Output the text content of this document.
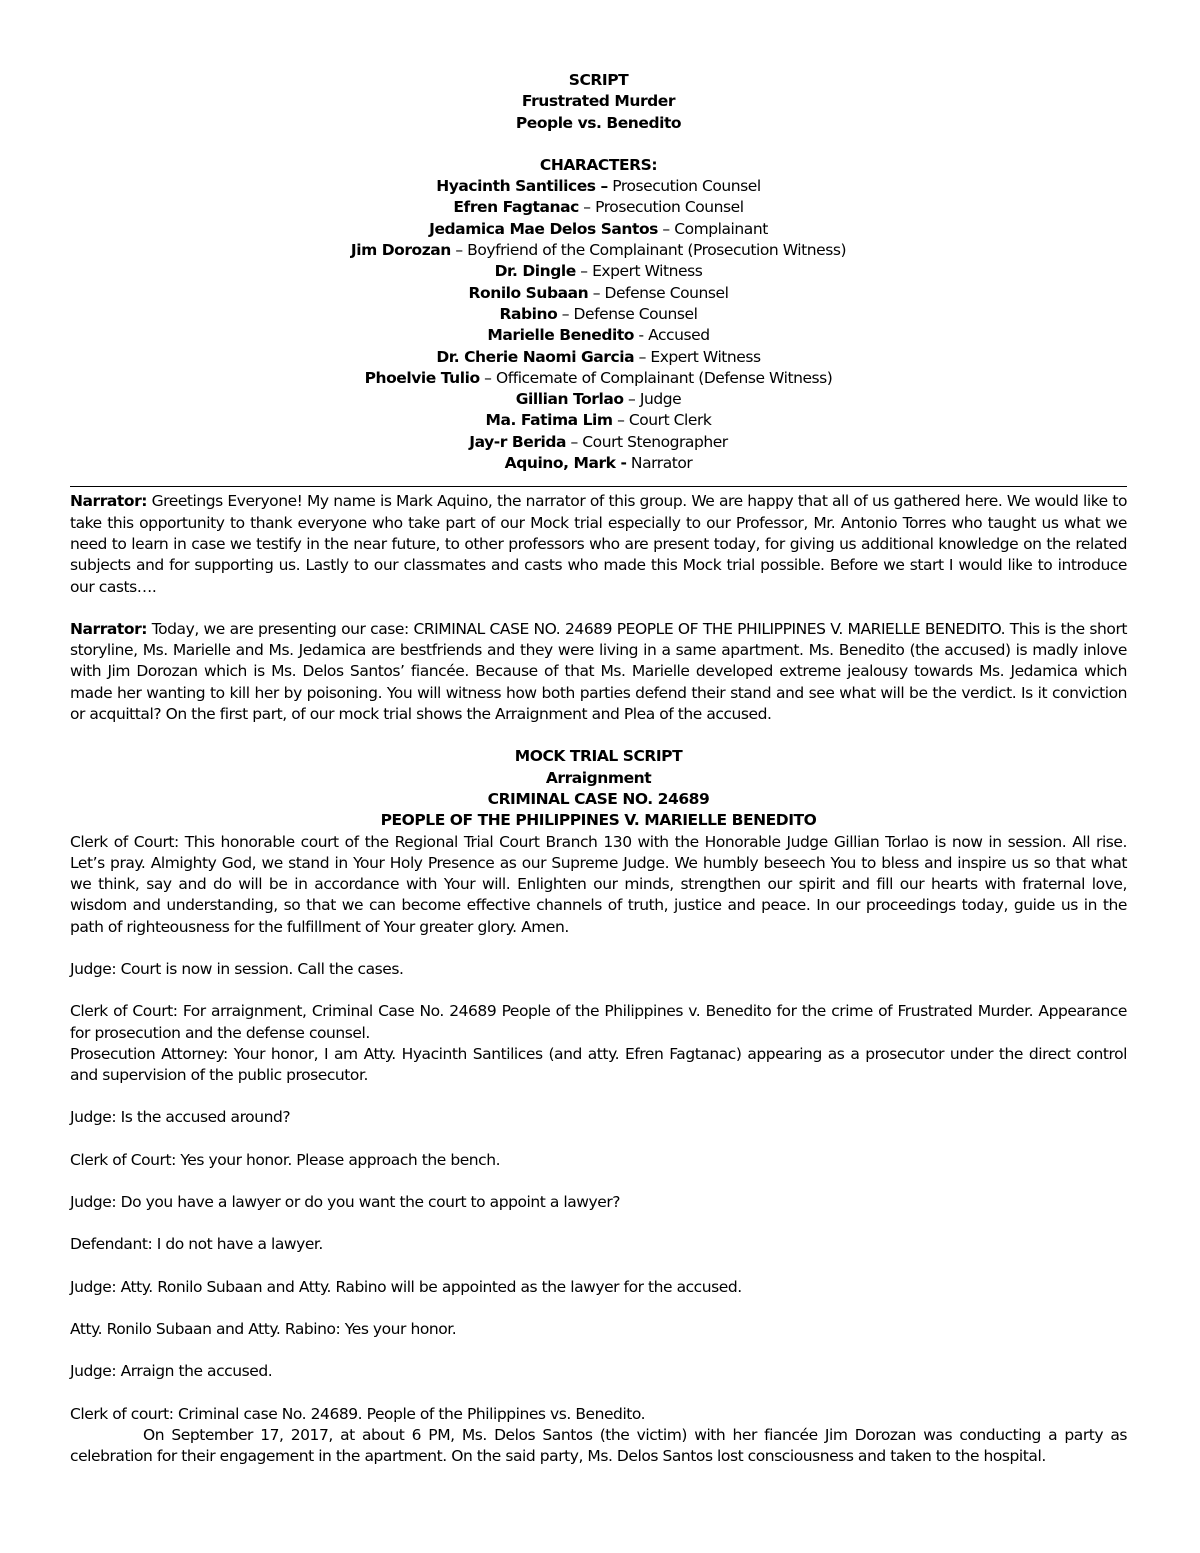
SCRIPT
Frustrated Murder
People vs. Benedito
CHARACTERS:
Hyacinth Santilices – Prosecution Counsel
Efren Fagtanac – Prosecution Counsel
Jedamica Mae Delos Santos – Complainant
Jim Dorozan – Boyfriend of the Complainant (Prosecution Witness)
Dr. Dingle – Expert Witness
Ronilo Subaan – Defense Counsel
Rabino – Defense Counsel
Marielle Benedito - Accused
Dr. Cherie Naomi Garcia – Expert Witness
Phoelvie Tulio – Officemate of Complainant (Defense Witness)
Gillian Torlao – Judge
Ma. Fatima Lim – Court Clerk
Jay-r Berida – Court Stenographer
Aquino, Mark - Narrator

Narrator: Greetings Everyone! My name is Mark Aquino, the narrator of this group. We are happy that all of us gathered here. We would like to take this opportunity to thank everyone who take part of our Mock trial especially to our Professor, Mr. Antonio Torres who taught us what we need to learn in case we testify in the near future, to other professors who are present today, for giving us additional knowledge on the related subjects and for supporting us. Lastly to our classmates and casts who made this Mock trial possible. Before we start I would like to introduce our casts….

Narrator: Today, we are presenting our case: CRIMINAL CASE NO. 24689 PEOPLE OF THE PHILIPPINES V. MARIELLE BENEDITO. This is the short storyline, Ms. Marielle and Ms. Jedamica are bestfriends and they were living in a same apartment. Ms. Benedito (the accused) is madly inlove with Jim Dorozan which is Ms. Delos Santos’ fiancée. Because of that Ms. Marielle developed extreme jealousy towards Ms. Jedamica which made her wanting to kill her by poisoning. You will witness how both parties defend their stand and see what will be the verdict. Is it conviction or acquittal? On the first part, of our mock trial shows the Arraignment and Plea of the accused.

MOCK TRIAL SCRIPT
Arraignment
CRIMINAL CASE NO. 24689
PEOPLE OF THE PHILIPPINES V. MARIELLE BENEDITO

Clerk of Court: This honorable court of the Regional Trial Court Branch 130 with the Honorable Judge Gillian Torlao is now in session. All rise. Let’s pray. Almighty God, we stand in Your Holy Presence as our Supreme Judge. We humbly beseech You to bless and inspire us so that what we think, say and do will be in accordance with Your will. Enlighten our minds, strengthen our spirit and fill our hearts with fraternal love, wisdom and understanding, so that we can become effective channels of truth, justice and peace. In our proceedings today, guide us in the path of righteousness for the fulfillment of Your greater glory. Amen.

Judge: Court is now in session. Call the cases.

Clerk of Court: For arraignment, Criminal Case No. 24689 People of the Philippines v. Benedito for the crime of Frustrated Murder. Appearance for prosecution and the defense counsel.

Prosecution Attorney: Your honor, I am Atty. Hyacinth Santilices (and atty. Efren Fagtanac) appearing as a prosecutor under the direct control and supervision of the public prosecutor.

Judge: Is the accused around?

Clerk of Court: Yes your honor. Please approach the bench.

Judge: Do you have a lawyer or do you want the court to appoint a lawyer?

Defendant: I do not have a lawyer.

Judge: Atty. Ronilo Subaan and Atty. Rabino will be appointed as the lawyer for the accused.

Atty. Ronilo Subaan and Atty. Rabino: Yes your honor.

Judge: Arraign the accused.

Clerk of court: Criminal case No. 24689. People of the Philippines vs. Benedito.

On September 17, 2017, at about 6 PM, Ms. Delos Santos (the victim) with her fiancée Jim Dorozan was conducting a party as celebration for their engagement in the apartment. On the said party, Ms. Delos Santos lost consciousness and taken to the hospital.
